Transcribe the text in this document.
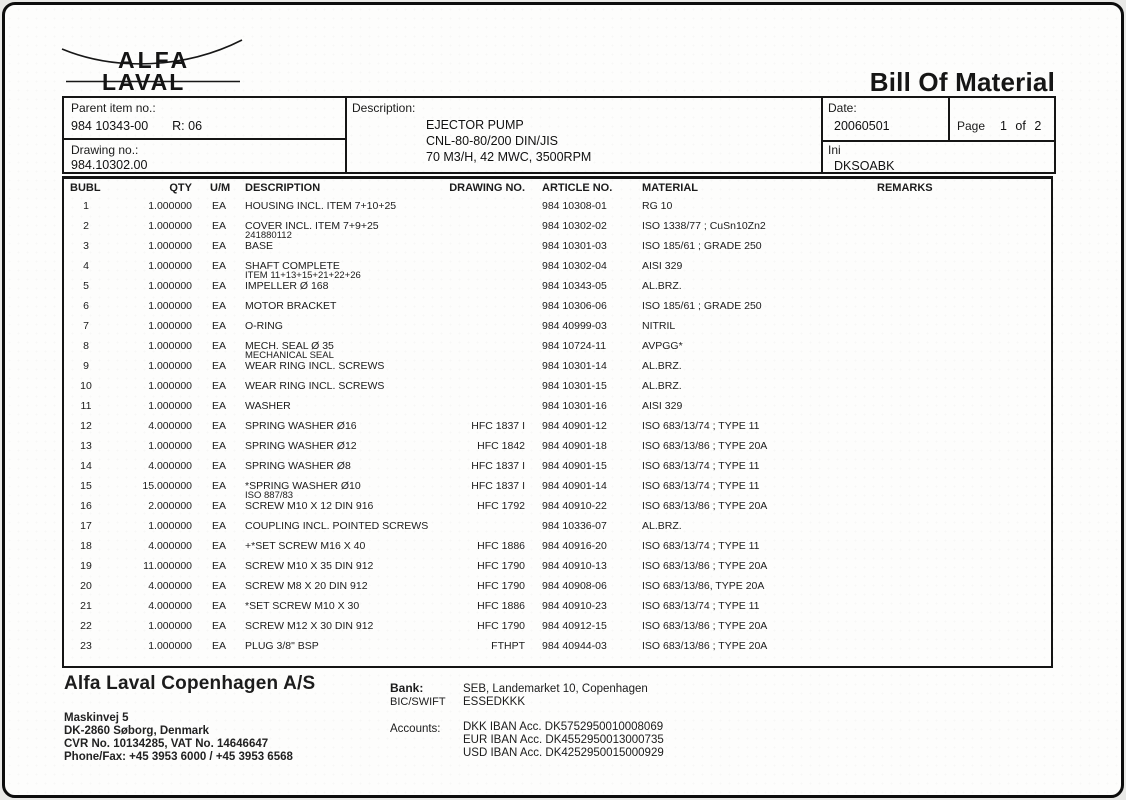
ALFA
LAVAL	Bill Of Material
Parent item no.:
984 10343-00 R: 06
Drawing no.:
984.10302.00
Description:
EJECTOR PUMP
CNL-80-80/200 DIN/JIS
70 M3/H, 42 MWC, 3500RPM
Date:
20060501	Page 1 of 2
Ini
DKSOABK
BUBL	QTY U/M DESCRIPTION	DRAWING NO. ARTICLE NO.	MATERIAL	REMARKS
1	1.000000 EA HOUSING INCL. ITEM 7+10+25	984 10308-01	RG 10
2	1.000000 EA COVER INCL. ITEM 7+9+25
241880112
984 10302-02	ISO 1338/77 ; CuSn10Zn2
3	1.000000 EA BASE	984 10301-03	ISO 185/61 ; GRADE 250
4	1.000000 EA SHAFT COMPLETE
ITEM 11+13+15+21+22+26
984 10302-04	AISI 329
5	1.000000 EA IMPELLER Ø 168	984 10343-05	AL.BRZ.
6	1.000000 EA MOTOR BRACKET	984 10306-06	ISO 185/61 ; GRADE 250
7	1.000000 EA O-RING	984 40999-03	NITRIL
8	1.000000 EA MECH. SEAL Ø 35
MECHANICAL SEAL
984 10724-11	AVPGG*
9	1.000000 EA WEAR RING INCL. SCREWS	984 10301-14	AL.BRZ.
10	1.000000 EA WEAR RING INCL. SCREWS	984 10301-15	AL.BRZ.
11	1.000000 EA WASHER	984 10301-16	AISI 329
12	4.000000 EA SPRING WASHER Ø16	HFC 1837 I 984 40901-12	ISO 683/13/74 ; TYPE 11
13	1.000000 EA SPRING WASHER Ø12	HFC 1842 984 40901-18	ISO 683/13/86 ; TYPE 20A
14	4.000000 EA SPRING WASHER Ø8	HFC 1837 I 984 40901-15	ISO 683/13/74 ; TYPE 11
15	15.000000 EA *SPRING WASHER Ø10
ISO 887/83
HFC 1837 I 984 40901-14	ISO 683/13/74 ; TYPE 11
16	2.000000 EA SCREW M10 X 12 DIN 916	HFC 1792 984 40910-22	ISO 683/13/86 ; TYPE 20A
17	1.000000 EA COUPLING INCL. POINTED SCREWS	984 10336-07	AL.BRZ.
18	4.000000 EA +*SET SCREW M16 X 40	HFC 1886 984 40916-20	ISO 683/13/74 ; TYPE 11
19	11.000000 EA SCREW M10 X 35 DIN 912	HFC 1790 984 40910-13	ISO 683/13/86 ; TYPE 20A
20	4.000000 EA SCREW M8 X 20 DIN 912	HFC 1790 984 40908-06	ISO 683/13/86, TYPE 20A
21	4.000000 EA *SET SCREW M10 X 30	HFC 1886 984 40910-23	ISO 683/13/74 ; TYPE 11
22	1.000000 EA SCREW M12 X 30 DIN 912	HFC 1790 984 40912-15	ISO 683/13/86 ; TYPE 20A
23	1.000000 EA PLUG 3/8" BSP	FTHPT 984 40944-03	ISO 683/13/86 ; TYPE 20A
Alfa Laval Copenhagen A/S
Maskinvej 5
DK-2860 Søborg, Denmark
CVR No. 10134285, VAT No. 14646647
Phone/Fax: +45 3953 6000 / +45 3953 6568
Bank:
BIC/SWIFT
SEB, Landemarket 10, Copenhagen
ESSEDKKK
Accounts: DKK IBAN Acc. DK5752950010008069
EUR IBAN Acc. DK4552950013000735
USD IBAN Acc. DK4252950015000929
